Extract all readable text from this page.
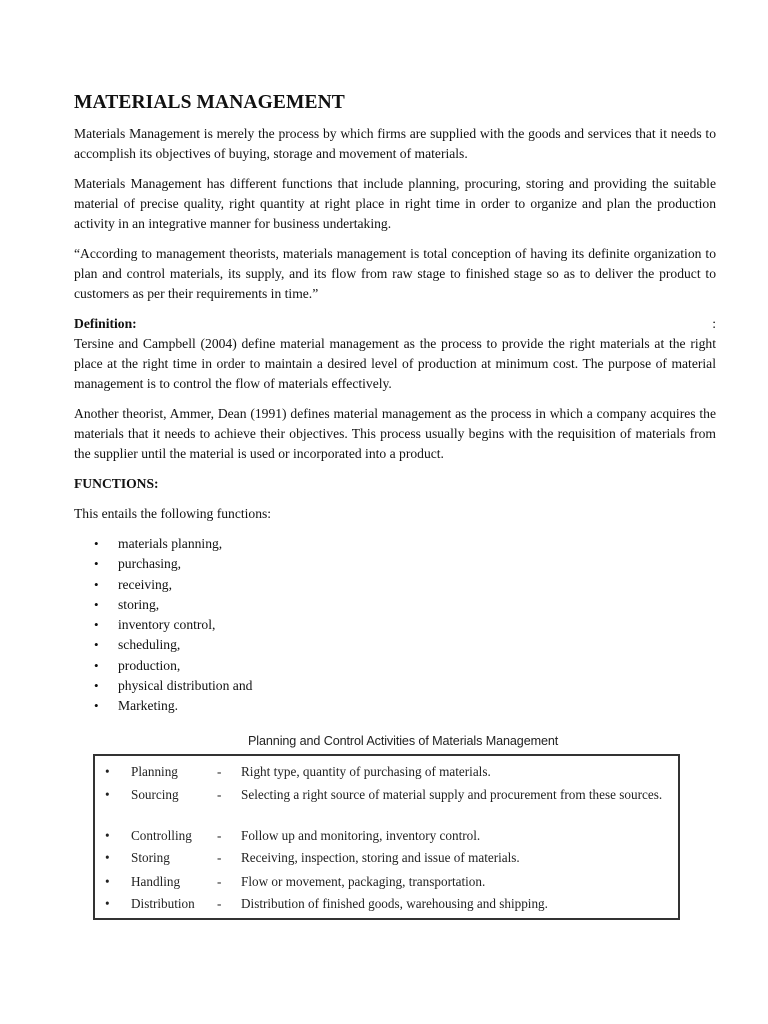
MATERIALS MANAGEMENT

Materials Management is merely the process by which firms are supplied with the goods and services that it needs to accomplish its objectives of buying, storage and movement of materials.

Materials Management has different functions that include planning, procuring, storing and providing the suitable material of precise quality, right quantity at right place in right time in order to organize and plan the production activity in an integrative manner for business undertaking.

“According to management theorists, materials management is total conception of having its definite organization to plan and control materials, its supply, and its flow from raw stage to finished stage so as to deliver the product to customers as per their requirements in time.”

Definition:	:

Tersine and Campbell (2004) define material management as the process to provide the right materials at the right place at the right time in order to maintain a desired level of production at minimum cost. The purpose of material management is to control the flow of materials effectively.

Another theorist, Ammer, Dean (1991) defines material management as the process in which a company acquires the materials that it needs to achieve their objectives. This process usually begins with the requisition of materials from the supplier until the material is used or incorporated into a product.

FUNCTIONS:

This entails the following functions:

• materials planning,
• purchasing,
• receiving,
• storing,
• inventory control,
• scheduling,
• production,
• physical distribution and
• Marketing.
Planning and Control Activities of Materials Management
• Planning	- Right type, quantity of purchasing of materials.
• Sourcing	- Selecting a right source of material supply and procurement from these sources.
• Controlling - Follow up and monitoring, inventory control.
• Storing	- Receiving, inspection, storing and issue of materials.
• Handling	- Flow or movement, packaging, transportation.
• Distribution - Distribution of finished goods, warehousing and shipping.
